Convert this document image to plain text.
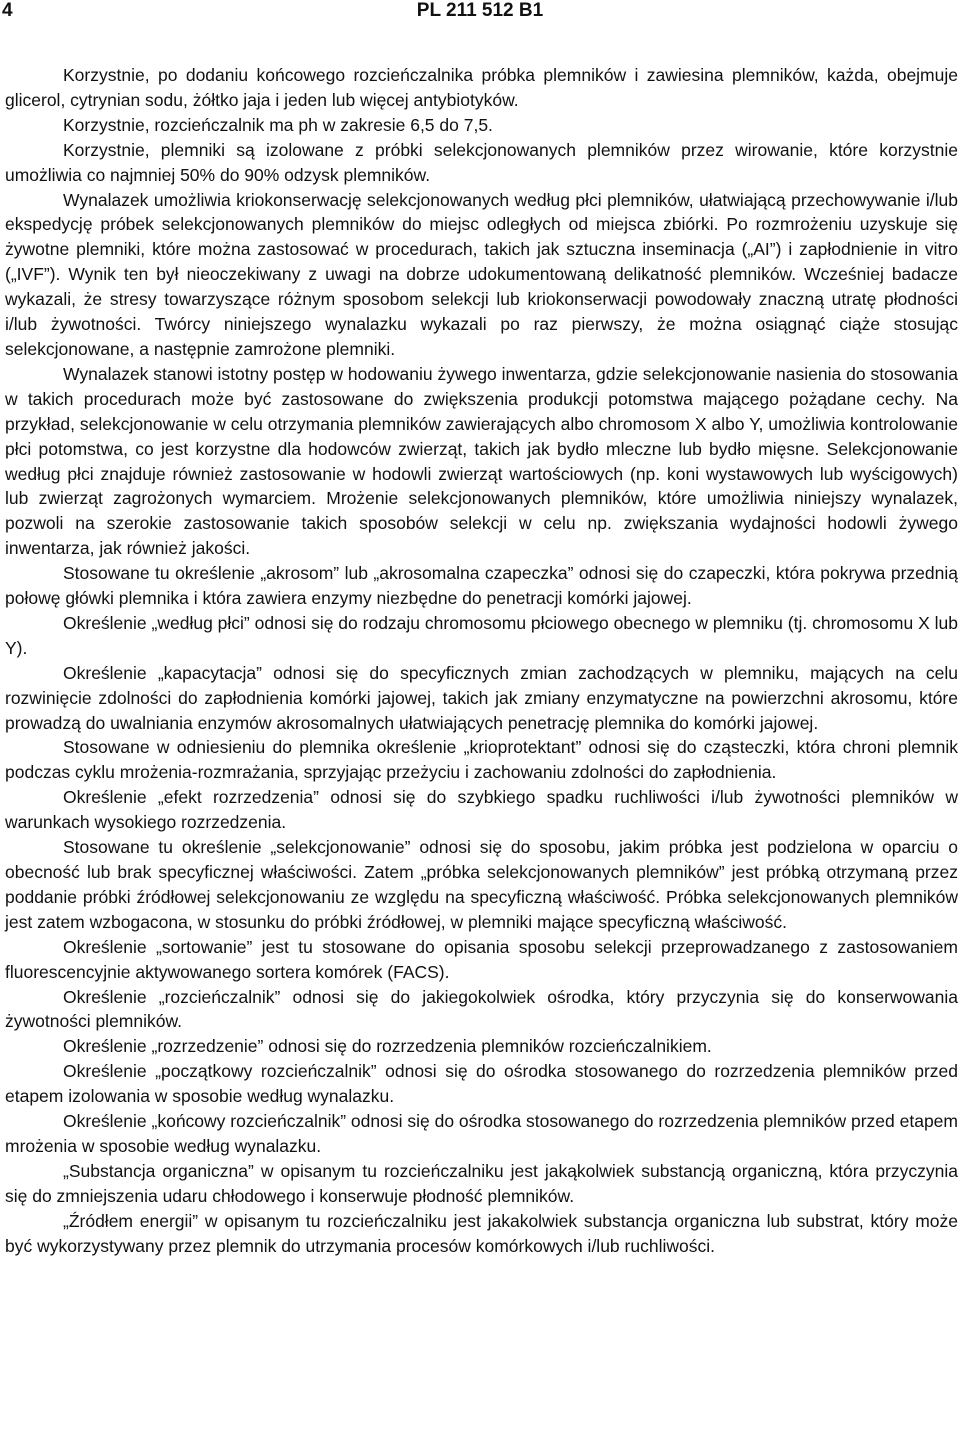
4	PL 211 512 B1

Korzystnie, po dodaniu końcowego rozcieńczalnika próbka plemników i zawiesina plemników, każda, obejmuje glicerol, cytrynian sodu, żółtko jaja i jeden lub więcej antybiotyków.

Korzystnie, rozcieńczalnik ma ph w zakresie 6,5 do 7,5.

Korzystnie, plemniki są izolowane z próbki selekcjonowanych plemników przez wirowanie, które korzystnie umożliwia co najmniej 50% do 90% odzysk plemników.

Wynalazek umożliwia kriokonserwację selekcjonowanych według płci plemników, ułatwiającą przechowywanie i/lub ekspedycję próbek selekcjonowanych plemników do miejsc odległych od miejsca zbiórki. Po rozmrożeniu uzyskuje się żywotne plemniki, które można zastosować w procedurach, takich jak sztuczna inseminacja („AI”) i zapłodnienie in vitro („IVF”). Wynik ten był nieoczekiwany z uwagi na dobrze udokumentowaną delikatność plemników. Wcześniej badacze wykazali, że stresy towarzyszące różnym sposobom selekcji lub kriokonserwacji powodowały znaczną utratę płodności i/lub żywotności. Twórcy niniejszego wynalazku wykazali po raz pierwszy, że można osiągnąć ciąże stosując selekcjonowane, a następnie zamrożone plemniki.

Wynalazek stanowi istotny postęp w hodowaniu żywego inwentarza, gdzie selekcjonowanie nasienia do stosowania w takich procedurach może być zastosowane do zwiększenia produkcji potomstwa mającego pożądane cechy. Na przykład, selekcjonowanie w celu otrzymania plemników zawierających albo chromosom X albo Y, umożliwia kontrolowanie płci potomstwa, co jest korzystne dla hodowców zwierząt, takich jak bydło mleczne lub bydło mięsne. Selekcjonowanie według płci znajduje również zastosowanie w hodowli zwierząt wartościowych (np. koni wystawowych lub wyścigowych) lub zwierząt zagrożonych wymarciem. Mrożenie selekcjonowanych plemników, które umożliwia niniejszy wynalazek, pozwoli na szerokie zastosowanie takich sposobów selekcji w celu np. zwiększania wydajności hodowli żywego inwentarza, jak również jakości.

Stosowane tu określenie „akrosom” lub „akrosomalna czapeczka” odnosi się do czapeczki, która pokrywa przednią połowę główki plemnika i która zawiera enzymy niezbędne do penetracji komórki jajowej.

Określenie „według płci” odnosi się do rodzaju chromosomu płciowego obecnego w plemniku (tj. chromosomu X lub Y).

Określenie „kapacytacja” odnosi się do specyficznych zmian zachodzących w plemniku, mających na celu rozwinięcie zdolności do zapłodnienia komórki jajowej, takich jak zmiany enzymatyczne na powierzchni akrosomu, które prowadzą do uwalniania enzymów akrosomalnych ułatwiających penetrację plemnika do komórki jajowej.

Stosowane w odniesieniu do plemnika określenie „krioprotektant” odnosi się do cząsteczki, która chroni plemnik podczas cyklu mrożenia-rozmrażania, sprzyjając przeżyciu i zachowaniu zdolności do zapłodnienia.

Określenie „efekt rozrzedzenia” odnosi się do szybkiego spadku ruchliwości i/lub żywotności plemników w warunkach wysokiego rozrzedzenia.

Stosowane tu określenie „selekcjonowanie” odnosi się do sposobu, jakim próbka jest podzielona w oparciu o obecność lub brak specyficznej właściwości. Zatem „próbka selekcjonowanych plemników” jest próbką otrzymaną przez poddanie próbki źródłowej selekcjonowaniu ze względu na specyficzną właściwość. Próbka selekcjonowanych plemników jest zatem wzbogacona, w stosunku do próbki źródłowej, w plemniki mające specyficzną właściwość.

Określenie „sortowanie” jest tu stosowane do opisania sposobu selekcji przeprowadzanego z zastosowaniem fluorescencyjnie aktywowanego sortera komórek (FACS).

Określenie „rozcieńczalnik” odnosi się do jakiegokolwiek ośrodka, który przyczynia się do konserwowania żywotności plemników.

Określenie „rozrzedzenie” odnosi się do rozrzedzenia plemników rozcieńczalnikiem.

Określenie „początkowy rozcieńczalnik” odnosi się do ośrodka stosowanego do rozrzedzenia plemników przed etapem izolowania w sposobie według wynalazku.

Określenie „końcowy rozcieńczalnik” odnosi się do ośrodka stosowanego do rozrzedzenia plemników przed etapem mrożenia w sposobie według wynalazku.

„Substancja organiczna” w opisanym tu rozcieńczalniku jest jakąkolwiek substancją organiczną, która przyczynia się do zmniejszenia udaru chłodowego i konserwuje płodność plemników.

„Źródłem energii” w opisanym tu rozcieńczalniku jest jakakolwiek substancja organiczna lub substrat, który może być wykorzystywany przez plemnik do utrzymania procesów komórkowych i/lub ruchliwości.
